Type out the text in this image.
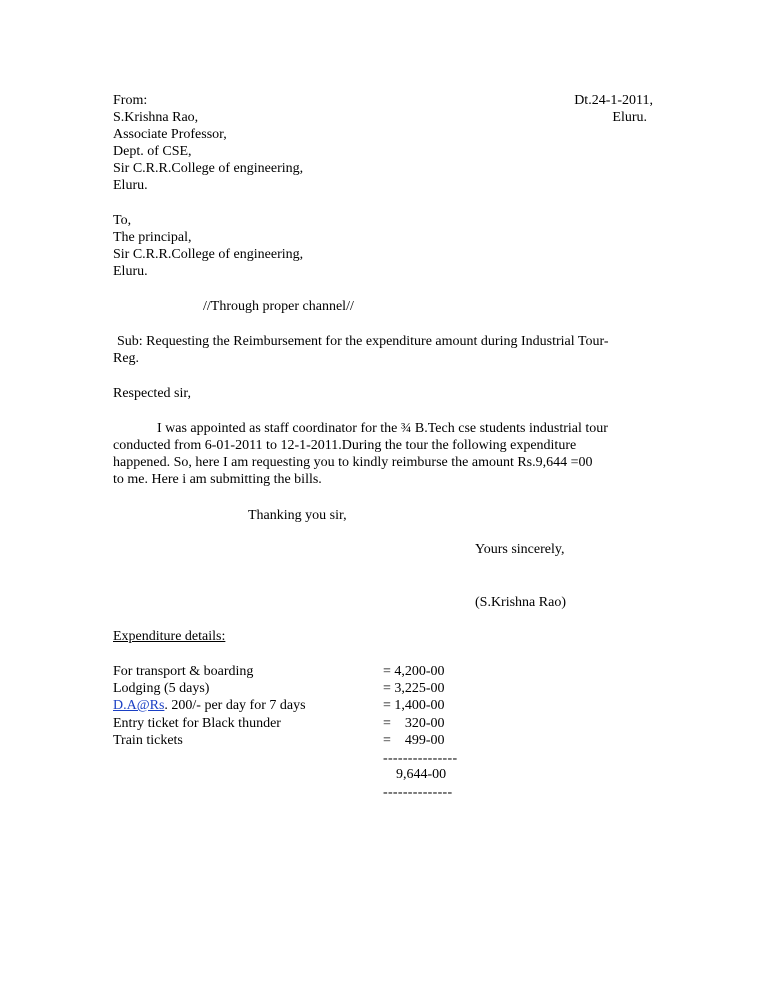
From:
S.Krishna Rao,
Associate Professor,
Dept. of CSE,
Sir C.R.R.College of engineering,
Eluru.
Dt.24-1-2011,
Eluru.
To,
The principal,
Sir C.R.R.College of engineering,
Eluru.
//Through proper channel//
Sub: Requesting the Reimbursement for the expenditure amount during Industrial Tour-
Reg.
Respected sir,
I was appointed as staff coordinator for the ¾ B.Tech cse students industrial tour
conducted from 6-01-2011 to 12-1-2011.During the tour the following expenditure
happened. So, here I am requesting you to kindly reimburse the amount Rs.9,644 =00
to me. Here i am submitting the bills.
Thanking you sir,
Yours sincerely,
(S.Krishna Rao)
Expenditure details:
For transport & boarding	= 4,200-00
Lodging (5 days)	= 3,225-00
D.A@Rs. 200/- per day for 7 days	= 1,400-00
Entry ticket for Black thunder	=    320-00
Train tickets	=    499-00
---------------
9,644-00
--------------
